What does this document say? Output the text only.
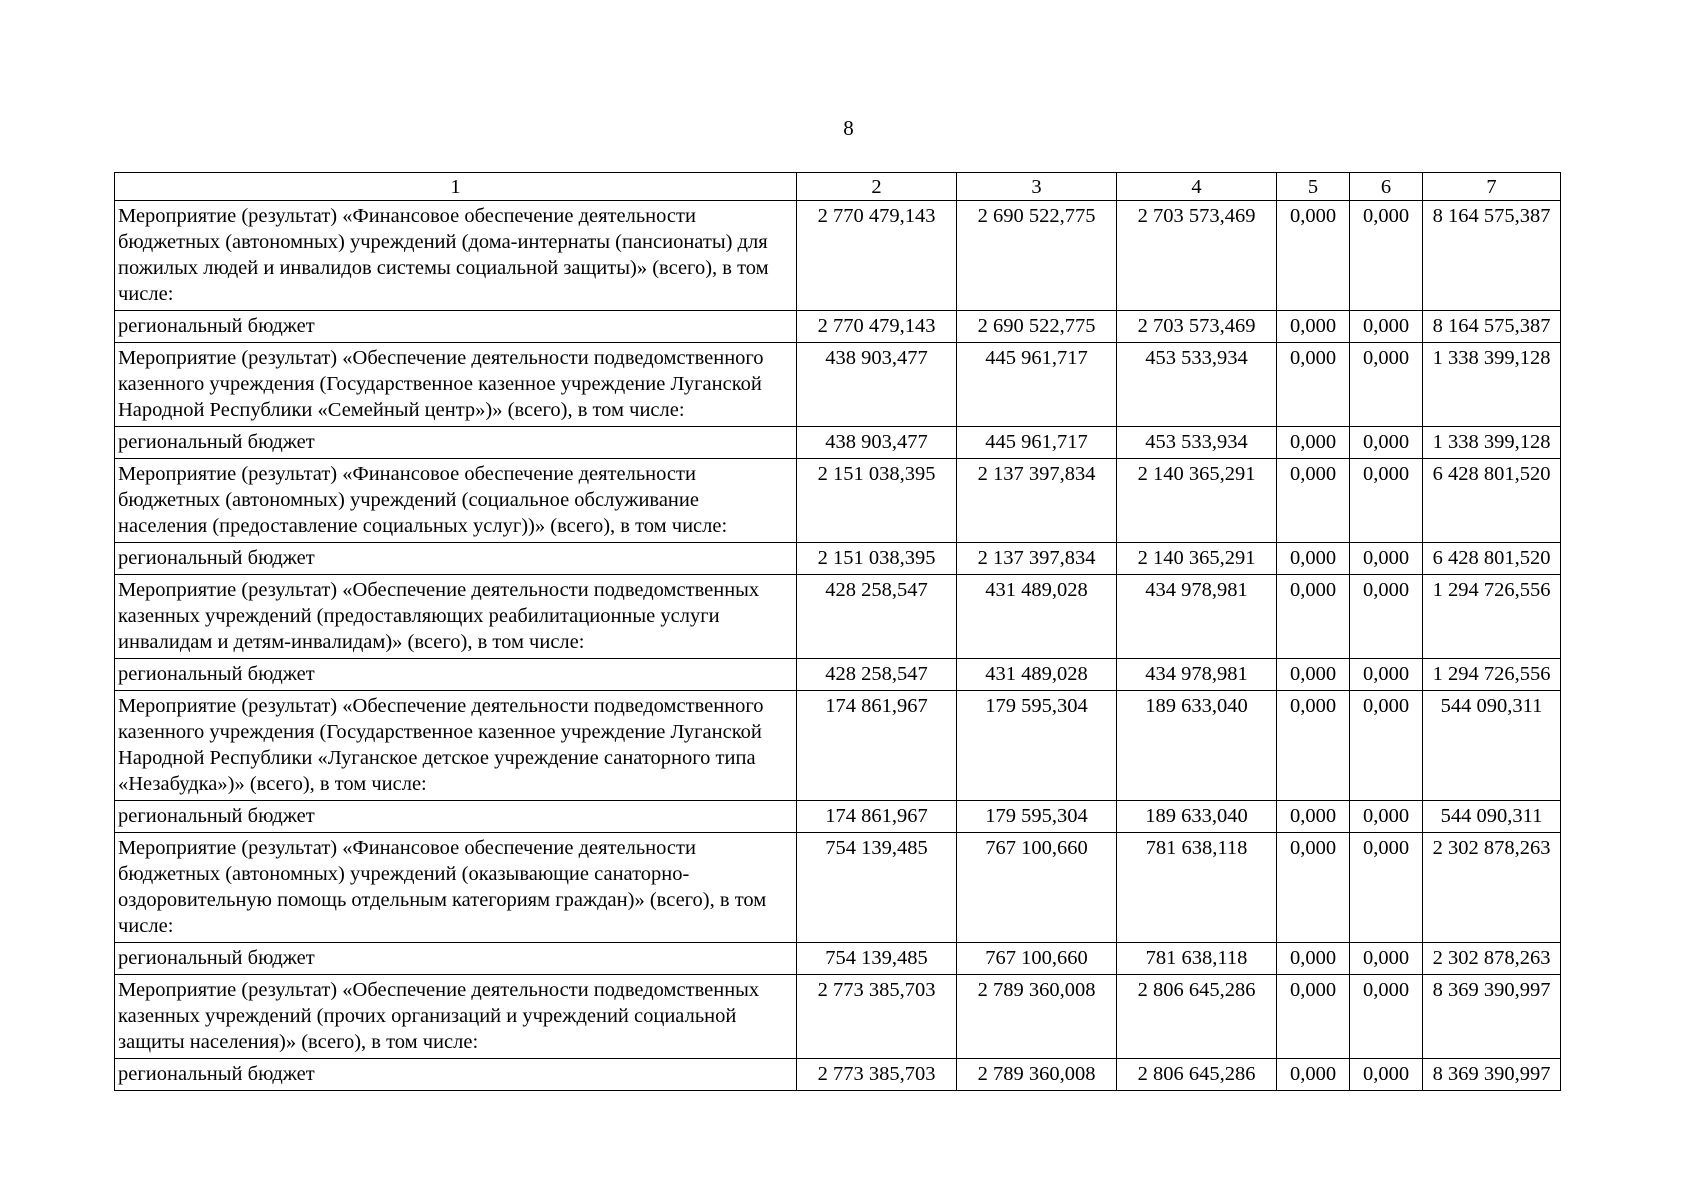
8
1	2	3	4	5	6	7
Мероприятие (результат) «Финансовое обеспечение деятельности бюджетных (автономных) учреждений (дома-интернаты (пансионаты) для пожилых людей и инвалидов системы социальной защиты)» (всего), в том числе:	2 770 479,143	2 690 522,775	2 703 573,469	0,000	0,000	8 164 575,387
региональный бюджет	2 770 479,143	2 690 522,775	2 703 573,469	0,000	0,000	8 164 575,387
Мероприятие (результат) «Обеспечение деятельности подведомственного казенного учреждения (Государственное казенное учреждение Луганской Народной Республики «Семейный центр»)» (всего), в том числе:	438 903,477	445 961,717	453 533,934	0,000	0,000	1 338 399,128
региональный бюджет	438 903,477	445 961,717	453 533,934	0,000	0,000	1 338 399,128
Мероприятие (результат) «Финансовое обеспечение деятельности бюджетных (автономных) учреждений (социальное обслуживание населения (предоставление социальных услуг))» (всего), в том числе:	2 151 038,395	2 137 397,834	2 140 365,291	0,000	0,000	6 428 801,520
региональный бюджет	2 151 038,395	2 137 397,834	2 140 365,291	0,000	0,000	6 428 801,520
Мероприятие (результат) «Обеспечение деятельности подведомственных казенных учреждений (предоставляющих реабилитационные услуги инвалидам и детям-инвалидам)» (всего), в том числе:	428 258,547	431 489,028	434 978,981	0,000	0,000	1 294 726,556
региональный бюджет	428 258,547	431 489,028	434 978,981	0,000	0,000	1 294 726,556
Мероприятие (результат) «Обеспечение деятельности подведомственного казенного учреждения (Государственное казенное учреждение Луганской Народной Республики «Луганское детское учреждение санаторного типа «Незабудка»)» (всего), в том числе:	174 861,967	179 595,304	189 633,040	0,000	0,000	544 090,311
региональный бюджет	174 861,967	179 595,304	189 633,040	0,000	0,000	544 090,311
Мероприятие (результат) «Финансовое обеспечение деятельности бюджетных (автономных) учреждений (оказывающие санаторно-оздоровительную помощь отдельным категориям граждан)» (всего), в том числе:	754 139,485	767 100,660	781 638,118	0,000	0,000	2 302 878,263
региональный бюджет	754 139,485	767 100,660	781 638,118	0,000	0,000	2 302 878,263
Мероприятие (результат) «Обеспечение деятельности подведомственных казенных учреждений (прочих организаций и учреждений социальной защиты населения)» (всего), в том числе:	2 773 385,703	2 789 360,008	2 806 645,286	0,000	0,000	8 369 390,997
региональный бюджет	2 773 385,703	2 789 360,008	2 806 645,286	0,000	0,000	8 369 390,997
